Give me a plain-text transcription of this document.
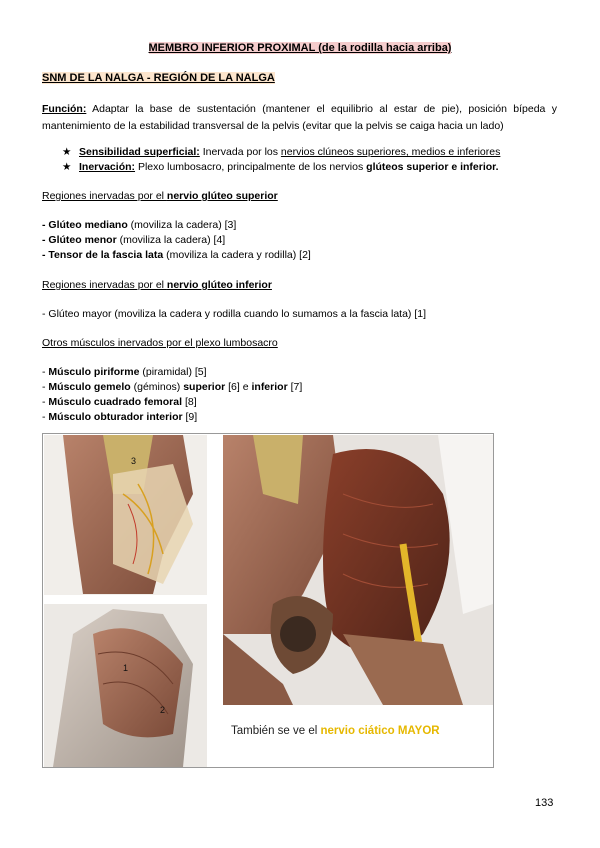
MEMBRO INFERIOR PROXIMAL (de la rodilla hacia arriba)
SNM DE LA NALGA - REGIÓN DE LA NALGA
Función: Adaptar la base de sustentación (mantener el equilibrio al estar de pie), posición bípeda y mantenimiento de la estabilidad transversal de la pelvis (evitar que la pelvis se caiga hacia un lado)
★ Sensibilidad superficial: Inervada por los nervios clúneos superiores, medios e inferiores
★ Inervación: Plexo lumbosacro, principalmente de los nervios glúteos superior e inferior.
Regiones inervadas por el nervio glúteo superior
- Glúteo mediano (moviliza la cadera) [3]
- Glúteo menor (moviliza la cadera) [4]
- Tensor de la fascia lata (moviliza la cadera y rodilla) [2]
Regiones inervadas por el nervio glúteo inferior
- Glúteo mayor (moviliza la cadera y rodilla cuando lo sumamos a la fascia lata) [1]
Otros músculos inervados por el plexo lumbosacro
- Músculo piriforme (piramidal) [5]
- Músculo gemelo (géminos) superior [6] e inferior [7]
- Músculo cuadrado femoral [8]
- Músculo obturador interior [9]
3
1
2
También se ve el nervio ciático MAYOR
133
